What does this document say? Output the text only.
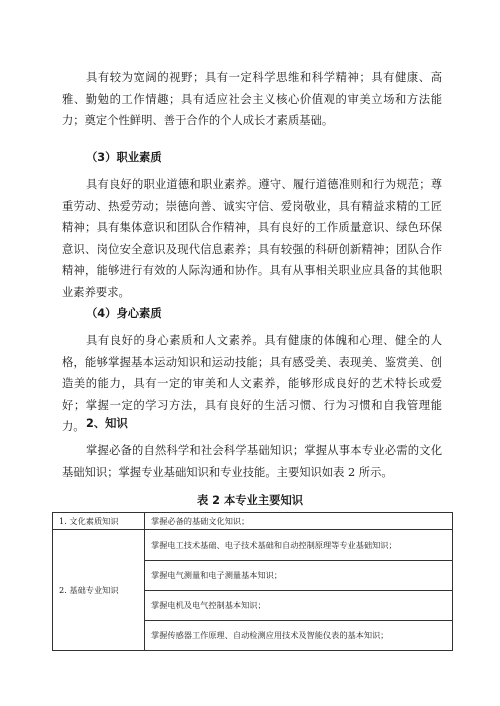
具有较为宽阔的视野；具有一定科学思维和科学精神；具有健康、高雅、勤勉的工作情趣；具有适应社会主义核心价值观的审美立场和方法能力；奠定个性鲜明、善于合作的个人成长才素质基础。

（3）职业素质

具有良好的职业道德和职业素养。遵守、履行道德准则和行为规范；尊重劳动、热爱劳动；崇德向善、诚实守信、爱岗敬业，具有精益求精的工匠精神；具有集体意识和团队合作精神，具有良好的工作质量意识、绿色环保意识、岗位安全意识及现代信息素养；具有较强的科研创新精神；团队合作精神，能够进行有效的人际沟通和协作。具有从事相关职业应具备的其他职业素养要求。

（4）身心素质

具有良好的身心素质和人文素养。具有健康的体魄和心理、健全的人格，能够掌握基本运动知识和运动技能；具有感受美、表现美、鉴赏美、创造美的能力，具有一定的审美和人文素养，能够形成良好的艺术特长或爱好；掌握一定的学习方法，具有良好的生活习惯、行为习惯和自我管理能力。 2、知识

掌握必备的自然科学和社会科学基础知识；掌握从事本专业必需的文化基础知识；掌握专业基础知识和专业技能。主要知识如表 2 所示。

表 2 本专业主要知识

1. 文化素质知识	掌握必备的基础文化知识；
2. 基础专业知识	掌握电工技术基础、电子技术基础和自动控制原理等专业基础知识；
	掌握电气测量和电子测量基本知识；
	掌握电机及电气控制基本知识；
	掌握传感器工作原理、自动检测应用技术及智能仪表的基本知识；
